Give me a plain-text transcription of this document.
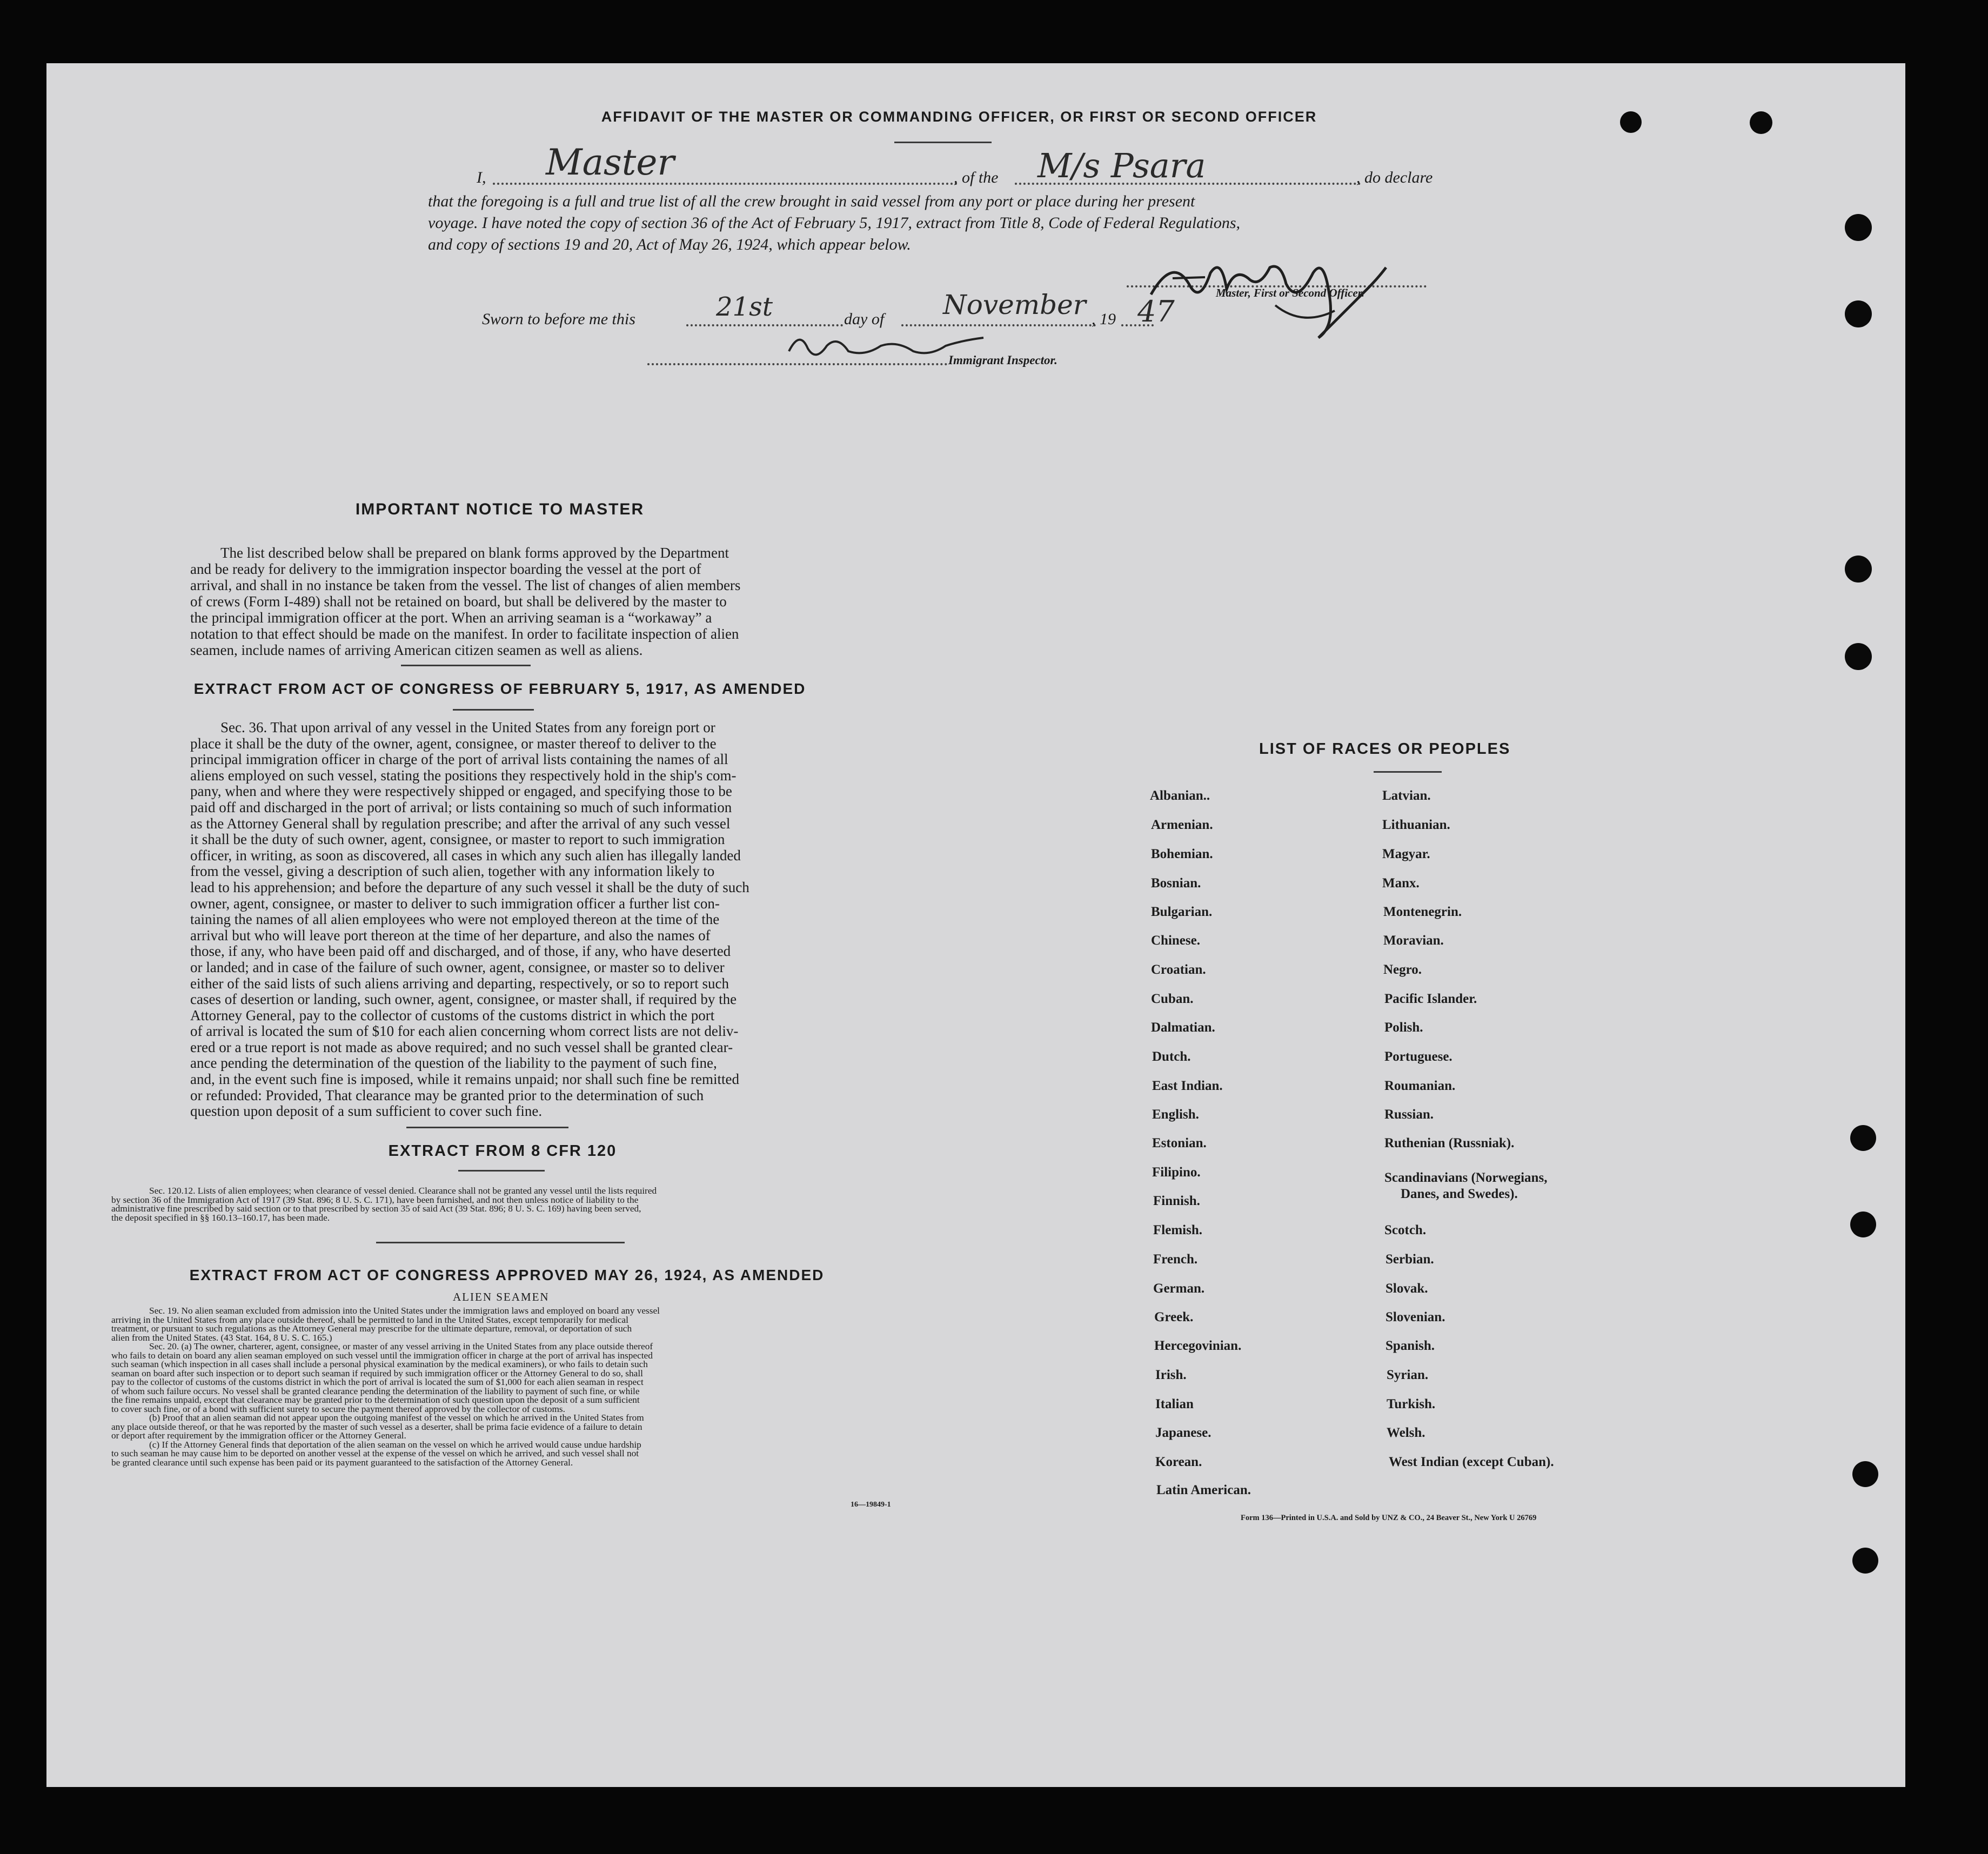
AFFIDAVIT OF THE MASTER OR COMMANDING OFFICER, OR FIRST OR SECOND OFFICER
I, Master	, of the M/s Psara	, do declare
that the foregoing is a full and true list of all the crew brought in said vessel from any port or place during her present
voyage. I have noted the copy of section 36 of the Act of February 5, 1917, extract from Title 8, Code of Federal Regulations,
and copy of sections 19 and 20, Act of May 26, 1924, which appear below.
Master, First or Second Officer.
Sworn to before me this	21st	day of November , 19 47
Immigrant Inspector.
IMPORTANT NOTICE TO MASTER
The list described below shall be prepared on blank forms approved by the Department
and be ready for delivery to the immigration inspector boarding the vessel at the port of
arrival, and shall in no instance be taken from the vessel. The list of changes of alien members
of crews (Form I-489) shall not be retained on board, but shall be delivered by the master to
the principal immigration officer at the port. When an arriving seaman is a “workaway” a
notation to that effect should be made on the manifest. In order to facilitate inspection of alien
seamen, include names of arriving American citizen seamen as well as aliens.
EXTRACT FROM ACT OF CONGRESS OF FEBRUARY 5, 1917, AS AMENDED
Sec. 36. That upon arrival of any vessel in the United States from any foreign port or
place it shall be the duty of the owner, agent, consignee, or master thereof to deliver to the
principal immigration officer in charge of the port of arrival lists containing the names of all
aliens employed on such vessel, stating the positions they respectively hold in the ship's com-
pany, when and where they were respectively shipped or engaged, and specifying those to be
paid off and discharged in the port of arrival; or lists containing so much of such information
as the Attorney General shall by regulation prescribe; and after the arrival of any such vessel
it shall be the duty of such owner, agent, consignee, or master to report to such immigration
officer, in writing, as soon as discovered, all cases in which any such alien has illegally landed
from the vessel, giving a description of such alien, together with any information likely to
lead to his apprehension; and before the departure of any such vessel it shall be the duty of such
owner, agent, consignee, or master to deliver to such immigration officer a further list con-
taining the names of all alien employees who were not employed thereon at the time of the
arrival but who will leave port thereon at the time of her departure, and also the names of
those, if any, who have been paid off and discharged, and of those, if any, who have deserted
or landed; and in case of the failure of such owner, agent, consignee, or master so to deliver
either of the said lists of such aliens arriving and departing, respectively, or so to report such
cases of desertion or landing, such owner, agent, consignee, or master shall, if required by the
Attorney General, pay to the collector of customs of the customs district in which the port
of arrival is located the sum of $10 for each alien concerning whom correct lists are not deliv-
ered or a true report is not made as above required; and no such vessel shall be granted clear-
ance pending the determination of the question of the liability to the payment of such fine,
and, in the event such fine is imposed, while it remains unpaid; nor shall such fine be remitted
or refunded: Provided, That clearance may be granted prior to the determination of such
question upon deposit of a sum sufficient to cover such fine.
EXTRACT FROM 8 CFR 120
Sec. 120.12. Lists of alien employees; when clearance of vessel denied. Clearance shall not be granted any vessel until the lists required
by section 36 of the Immigration Act of 1917 (39 Stat. 896; 8 U. S. C. 171), have been furnished, and not then unless notice of liability to the
administrative fine prescribed by said section or to that prescribed by section 35 of said Act (39 Stat. 896; 8 U. S. C. 169) having been served,
the deposit specified in §§ 160.13–160.17, has been made.
EXTRACT FROM ACT OF CONGRESS APPROVED MAY 26, 1924, AS AMENDED
ALIEN SEAMEN
Sec. 19. No alien seaman excluded from admission into the United States under the immigration laws and employed on board any vessel
arriving in the United States from any place outside thereof, shall be permitted to land in the United States, except temporarily for medical
treatment, or pursuant to such regulations as the Attorney General may prescribe for the ultimate departure, removal, or deportation of such
alien from the United States. (43 Stat. 164, 8 U. S. C. 165.)
Sec. 20. (a) The owner, charterer, agent, consignee, or master of any vessel arriving in the United States from any place outside thereof
who fails to detain on board any alien seaman employed on such vessel until the immigration officer in charge at the port of arrival has inspected
such seaman (which inspection in all cases shall include a personal physical examination by the medical examiners), or who fails to detain such
seaman on board after such inspection or to deport such seaman if required by such immigration officer or the Attorney General to do so, shall
pay to the collector of customs of the customs district in which the port of arrival is located the sum of $1,000 for each alien seaman in respect
of whom such failure occurs. No vessel shall be granted clearance pending the determination of the liability to payment of such fine, or while
the fine remains unpaid, except that clearance may be granted prior to the determination of such question upon the deposit of a sum sufficient
to cover such fine, or of a bond with sufficient surety to secure the payment thereof approved by the collector of customs.
(b) Proof that an alien seaman did not appear upon the outgoing manifest of the vessel on which he arrived in the United States from
any place outside thereof, or that he was reported by the master of such vessel as a deserter, shall be prima facie evidence of a failure to detain
or deport after requirement by the immigration officer or the Attorney General.
(c) If the Attorney General finds that deportation of the alien seaman on the vessel on which he arrived would cause undue hardship
to such seaman he may cause him to be deported on another vessel at the expense of the vessel on which he arrived, and such vessel shall not
be granted clearance until such expense has been paid or its payment guaranteed to the satisfaction of the Attorney General.
16—19849-1
LIST OF RACES OR PEOPLES
Albanian..
Armenian.
Bohemian.
Bosnian.
Bulgarian.
Chinese.
Croatian.
Cuban.
Dalmatian.
Dutch.
East Indian.
English.
Estonian.
Filipino.
Finnish.
Flemish.
French.
German.
Greek.
Hercegovinian.
Irish.
Italian
Japanese.
Korean.
Latin American.
Latvian.
Lithuanian.
Magyar.
Manx.
Montenegrin.
Moravian.
Negro.
Pacific Islander.
Polish.
Portuguese.
Roumanian.
Russian.
Ruthenian (Russniak).
Scandinavians (Norwegians,
Danes, and Swedes).
Scotch.
Serbian.
Slovak.
Slovenian.
Spanish.
Syrian.
Turkish.
Welsh.
West Indian (except Cuban).
Form 136—Printed in U.S.A. and Sold by UNZ & CO., 24 Beaver St., New York U 26769
